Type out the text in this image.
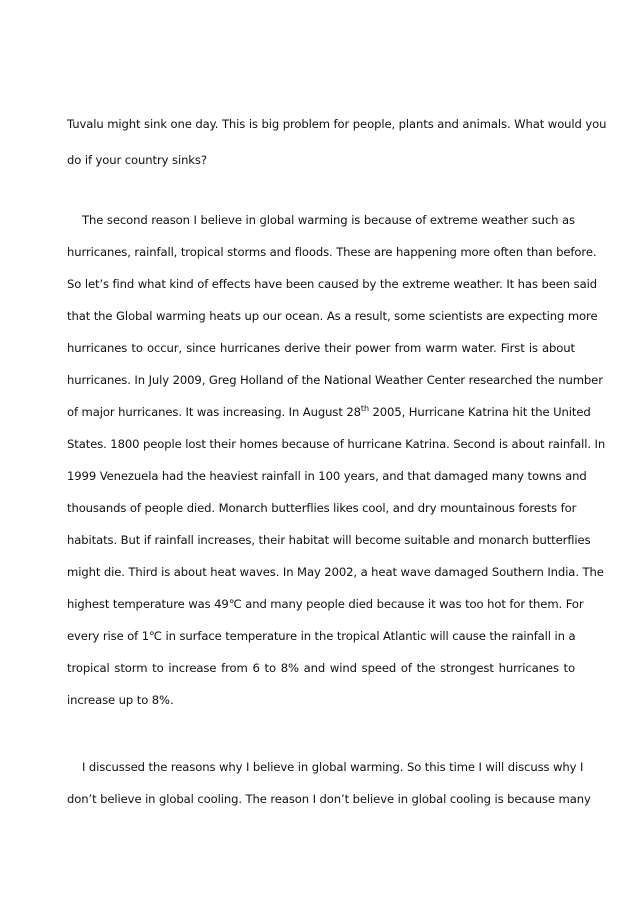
Tuvalu might sink one day. This is big problem for people, plants and animals. What would you
do if your country sinks?
The second reason I believe in global warming is because of extreme weather such as
hurricanes, rainfall, tropical storms and floods. These are happening more often than before.
So let’s find what kind of effects have been caused by the extreme weather. It has been said
that the Global warming heats up our ocean. As a result, some scientists are expecting more
hurricanes to occur, since hurricanes derive their power from warm water. First is about
hurricanes. In July 2009, Greg Holland of the National Weather Center researched the number
of major hurricanes. It was increasing. In August 28th 2005, Hurricane Katrina hit the United
States. 1800 people lost their homes because of hurricane Katrina. Second is about rainfall. In
1999 Venezuela had the heaviest rainfall in 100 years, and that damaged many towns and
thousands of people died. Monarch butterflies likes cool, and dry mountainous forests for
habitats. But if rainfall increases, their habitat will become suitable and monarch butterflies
might die. Third is about heat waves. In May 2002, a heat wave damaged Southern India. The
highest temperature was 49℃ and many people died because it was too hot for them. For
every rise of 1℃ in surface temperature in the tropical Atlantic will cause the rainfall in a
tropical storm to increase from 6 to 8% and wind speed of the strongest hurricanes to
increase up to 8%.
I discussed the reasons why I believe in global warming. So this time I will discuss why I
don’t believe in global cooling. The reason I don’t believe in global cooling is because many
